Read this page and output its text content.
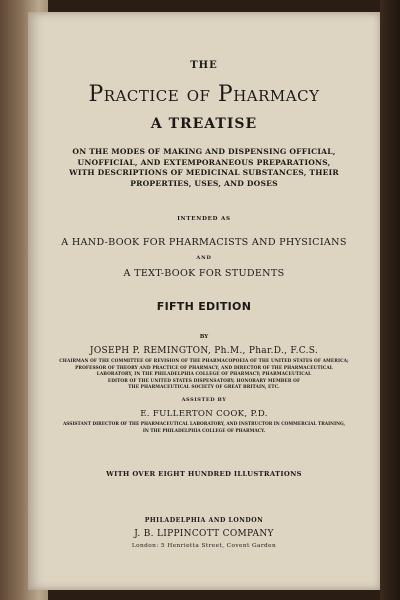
THE
Practice of Pharmacy
A TREATISE
ON THE MODES OF MAKING AND DISPENSING OFFICIAL,
UNOFFICIAL, AND EXTEMPORANEOUS PREPARATIONS,
WITH DESCRIPTIONS OF MEDICINAL SUBSTANCES, THEIR
PROPERTIES, USES, AND DOSES
INTENDED AS
A HAND-BOOK FOR PHARMACISTS AND PHYSICIANS
AND
A TEXT-BOOK FOR STUDENTS
FIFTH EDITION
BY
JOSEPH P. REMINGTON, Ph.M., Phar.D., F.C.S.
CHAIRMAN OF THE COMMITTEE OF REVISION OF THE PHARMACOPOEIA OF THE UNITED STATES OF AMERICA;
PROFESSOR OF THEORY AND PRACTICE OF PHARMACY, AND DIRECTOR OF THE PHARMACEUTICAL
LABORATORY, IN THE PHILADELPHIA COLLEGE OF PHARMACY; PHARMACEUTICAL
EDITOR OF THE UNITED STATES DISPENSATORY; HONORARY MEMBER OF
THE PHARMACEUTICAL SOCIETY OF GREAT BRITAIN, ETC.
ASSISTED BY
E. FULLERTON COOK, P.D.
ASSISTANT DIRECTOR OF THE PHARMACEUTICAL LABORATORY, AND INSTRUCTOR IN COMMERCIAL TRAINING,
IN THE PHILADELPHIA COLLEGE OF PHARMACY.
WITH OVER EIGHT HUNDRED ILLUSTRATIONS
PHILADELPHIA AND LONDON
J. B. LIPPINCOTT COMPANY
London: 5 Henrietta Street, Covent Garden
